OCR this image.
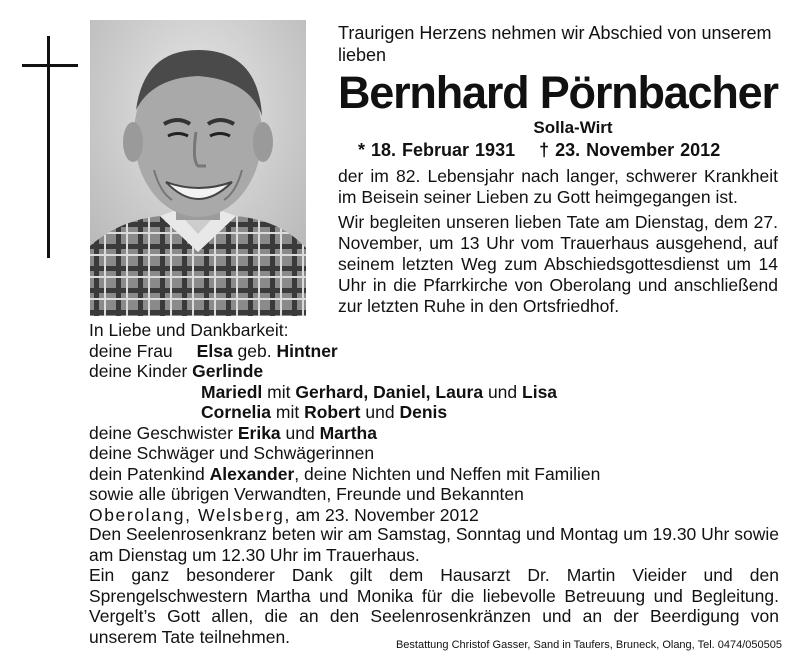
Traurigen Herzens nehmen wir Abschied von unserem lieben

Bernhard Pörnbacher
Solla-Wirt
* 18. Februar 1931 † 23. November 2012

der im 82. Lebensjahr nach langer, schwerer Krankheit im Beisein seiner Lieben zu Gott heimgegangen ist.

Wir begleiten unseren lieben Tate am Dienstag, dem 27. November, um 13 Uhr vom Trauerhaus ausgehend, auf seinem letzten Weg zum Abschiedsgottesdienst um 14 Uhr in die Pfarrkirche von Oberolang und anschließend zur letzten Ruhe in den Ortsfriedhof.

In Liebe und Dankbarkeit:
deine Frau Elsa geb. Hintner
deine Kinder Gerlinde
Mariedl mit Gerhard, Daniel, Laura und Lisa
Cornelia mit Robert und Denis
deine Geschwister Erika und Martha
deine Schwäger und Schwägerinnen
dein Patenkind Alexander, deine Nichten und Neffen mit Familien
sowie alle übrigen Verwandten, Freunde und Bekannten
Oberolang, Welsberg, am 23. November 2012

Den Seelenrosenkranz beten wir am Samstag, Sonntag und Montag um 19.30 Uhr sowie am Dienstag um 12.30 Uhr im Trauerhaus.

Ein ganz besonderer Dank gilt dem Hausarzt Dr. Martin Vieider und den Sprengelschwestern Martha und Monika für die liebevolle Betreuung und Begleitung. Vergelt’s Gott allen, die an den Seelenrosenkränzen und an der Beerdigung von unserem Tate teilnehmen.	Bestattung Christof Gasser, Sand in Taufers, Bruneck, Olang, Tel. 0474/050505
